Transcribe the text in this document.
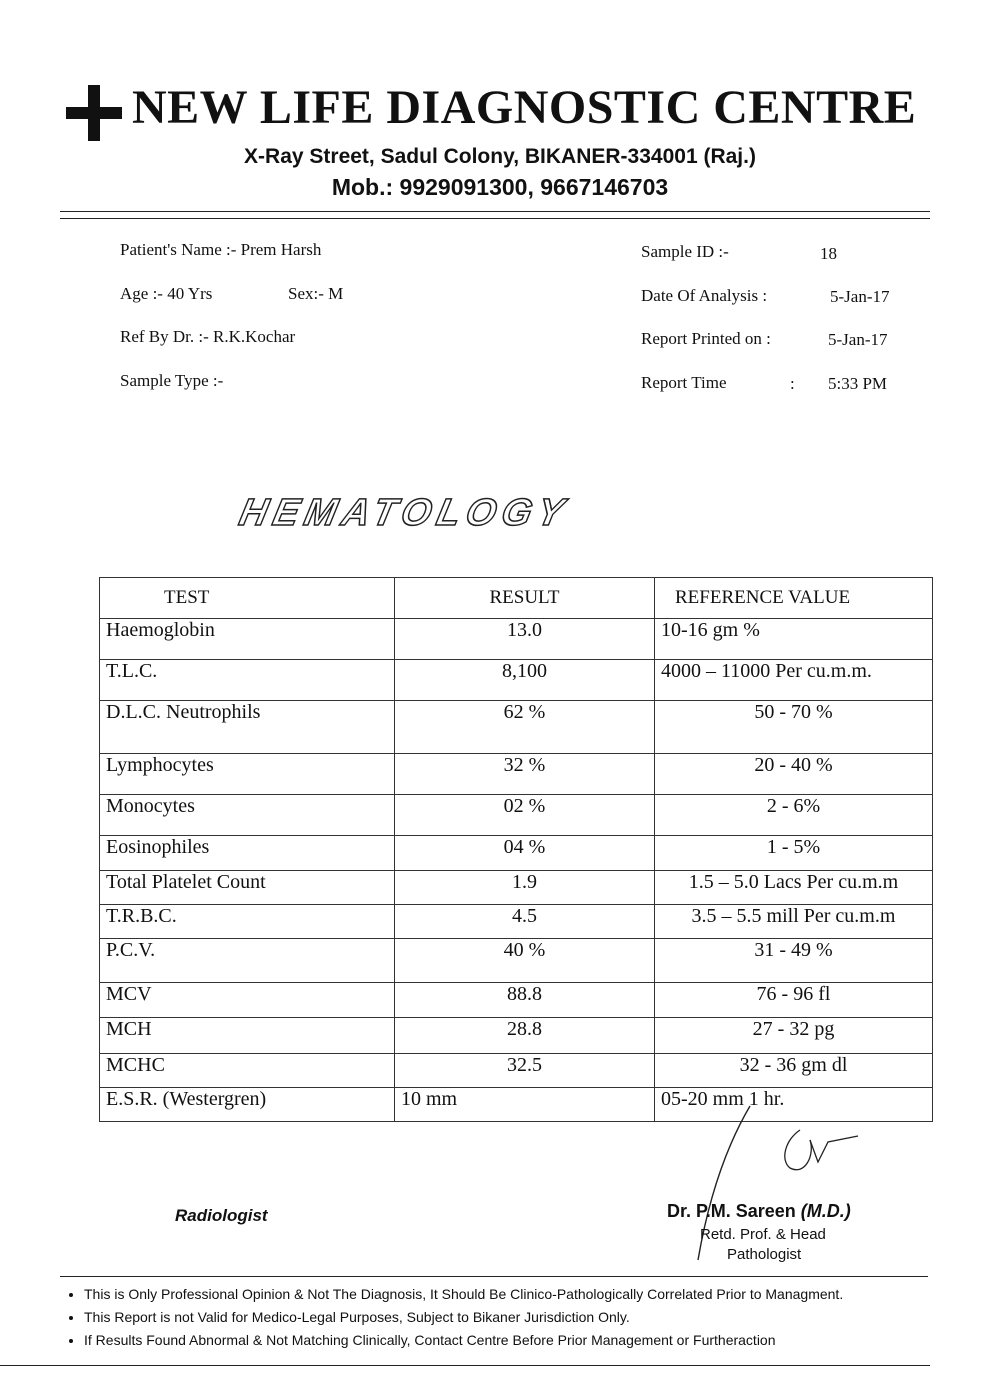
NEW LIFE DIAGNOSTIC CENTRE
X-Ray Street, Sadul Colony, BIKANER-334001 (Raj.)
Mob.: 9929091300, 9667146703
Patient's Name :- Prem Harsh
Age :- 40 Yrs	Sex:- M
Ref By Dr. :- R.K.Kochar
Sample Type :-
Sample ID :-	18
Date Of Analysis :	5-Jan-17
Report Printed on :	5-Jan-17
Report Time	: 5:33 PM
HEMATOLOGY
TEST	RESULT	REFERENCE VALUE
Haemoglobin	13.0	10-16 gm %
T.L.C.	8,100	4000 – 11000 Per cu.m.m.
D.L.C. Neutrophils	62 %	50 - 70 %
Lymphocytes	32 %	20 - 40 %
Monocytes	02 %	2 - 6%
Eosinophiles	04 %	1 - 5%
Total Platelet Count	1.9	1.5 – 5.0 Lacs Per cu.m.m
T.R.B.C.	4.5	3.5 – 5.5 mill Per cu.m.m
P.C.V.	40 %	31 - 49 %
MCV	88.8	76 - 96 fl
MCH	28.8	27 - 32 pg
MCHC	32.5	32 - 36 gm dl
E.S.R. (Westergren)	10 mm	05-20 mm 1 hr.
Radiologist	Dr. P.M. Sareen (M.D.)
Retd. Prof. & Head
Pathologist
• This is Only Professional Opinion & Not The Diagnosis, It Should Be Clinico-Pathologically Correlated Prior to Managment.
• This Report is not Valid for Medico-Legal Purposes, Subject to Bikaner Jurisdiction Only.
• If Results Found Abnormal & Not Matching Clinically, Contact Centre Before Prior Management or Furtheraction
